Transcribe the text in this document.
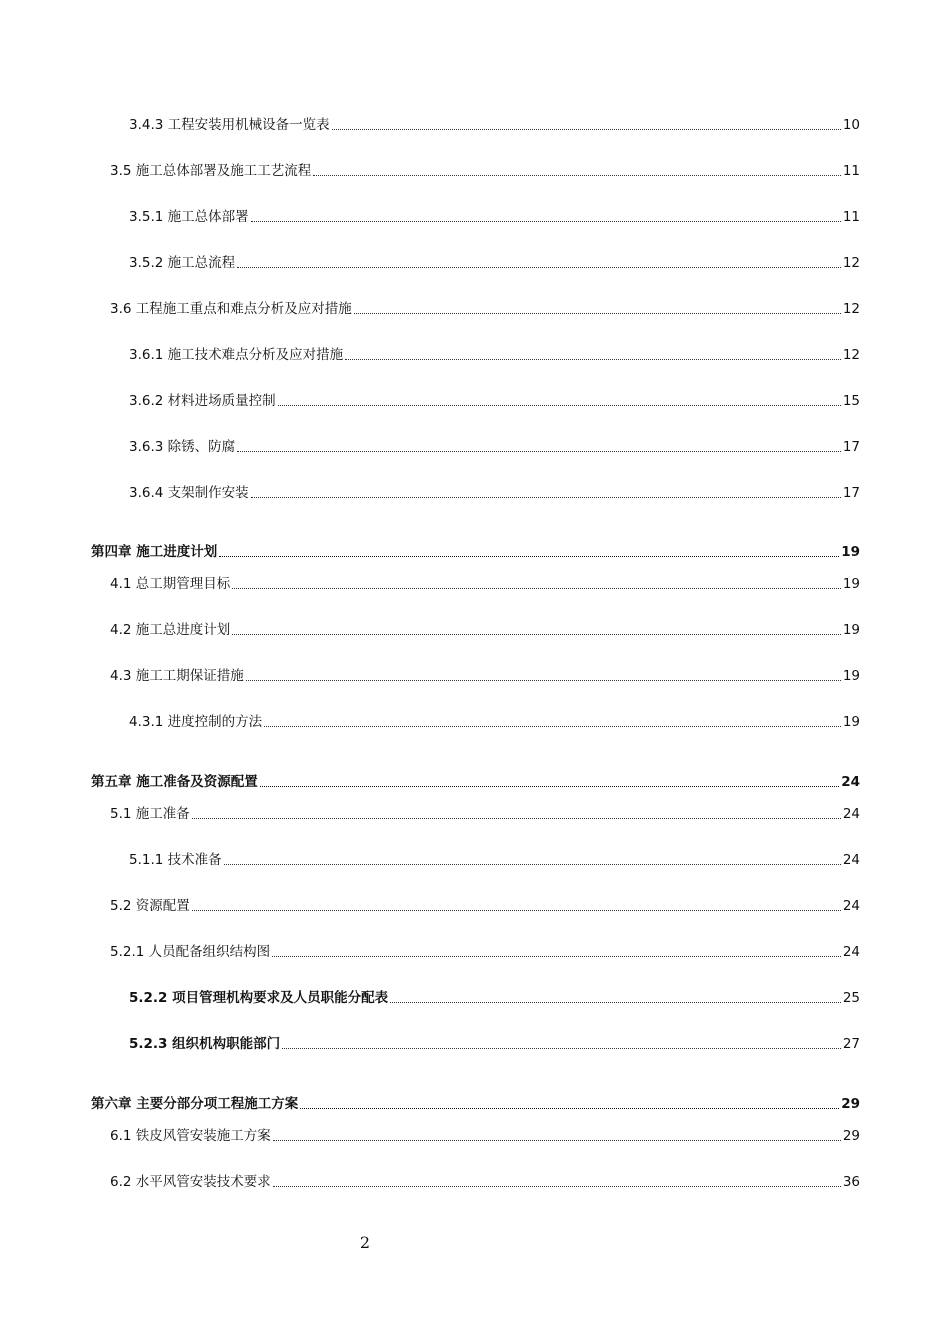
3.4.3 工程安装用机械设备一览表	10
3.5 施工总体部署及施工工艺流程	11
3.5.1 施工总体部署	11
3.5.2 施工总流程	12
3.6 工程施工重点和难点分析及应对措施	12
3.6.1 施工技术难点分析及应对措施	12
3.6.2 材料进场质量控制	15
3.6.3 除锈、防腐	17
3.6.4 支架制作安装	17
第四章 施工进度计划	19
4.1 总工期管理目标	19
4.2 施工总进度计划	19
4.3 施工工期保证措施	19
4.3.1 进度控制的方法	19
第五章 施工准备及资源配置	24
5.1 施工准备	24
5.1.1 技术准备	24
5.2 资源配置	24
5.2.1 人员配备组织结构图	24
5.2.2 项目管理机构要求及人员职能分配表	25
5.2.3 组织机构职能部门	27
第六章 主要分部分项工程施工方案	29
6.1 铁皮风管安装施工方案	29
6.2 水平风管安装技术要求	36
2
